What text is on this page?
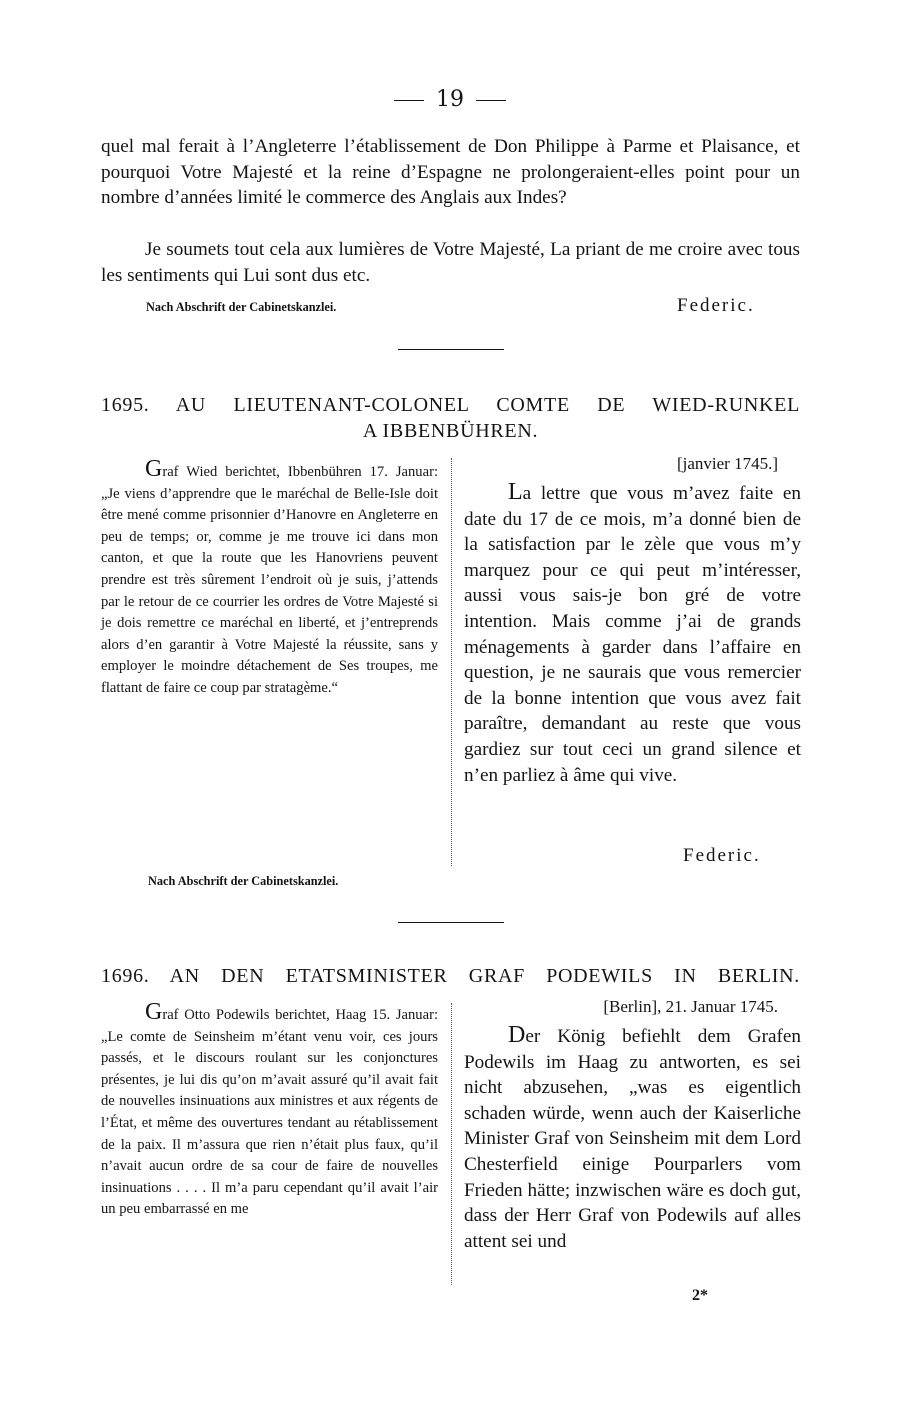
19

quel mal ferait à l’Angleterre l’établissement de Don Philippe à Parme et Plaisance, et pourquoi Votre Majesté et la reine d’Espagne ne prolongeraient-elles point pour un nombre d’années limité le commerce des Anglais aux Indes?

Je soumets tout cela aux lumières de Votre Majesté, La priant de me croire avec tous les sentiments qui Lui sont dus etc.

Nach Abschrift der Cabinetskanzlei.	Federic.

1695. AU LIEUTENANT-COLONEL COMTE DE WIED-RUNKEL

A IBBENBÜHREN.

Graf Wied berichtet, Ibbenbühren 17. Januar: „Je viens d’apprendre que le maréchal de Belle-Isle doit être mené comme prisonnier d’Hanovre en Angleterre en peu de temps; or, comme je me trouve ici dans mon canton, et que la route que les Hanovriens peuvent prendre est très sûrement l’endroit où je suis, j’attends par le retour de ce courrier les ordres de Votre Majesté si je dois remettre ce maréchal en liberté, et j’entreprends alors d’en garantir à Votre Majesté la réussite, sans y employer le moindre détachement de Ses troupes, me flattant de faire ce coup par stratagème.“

[janvier 1745.]

La lettre que vous m’avez faite en date du 17 de ce mois, m’a donné bien de la satisfaction par le zèle que vous m’y marquez pour ce qui peut m’intéresser, aussi vous sais-je bon gré de votre intention. Mais comme j’ai de grands ménagements à garder dans l’affaire en question, je ne saurais que vous remercier de la bonne intention que vous avez fait paraître, demandant au reste que vous gardiez sur tout ceci un grand silence et n’en parliez à âme qui vive.

Federic.
Nach Abschrift der Cabinetskanzlei.

1696. AN DEN ETATSMINISTER GRAF PODEWILS IN BERLIN.

Graf Otto Podewils berichtet, Haag 15. Januar: „Le comte de Seinsheim m’étant venu voir, ces jours passés, et le discours roulant sur les conjonctures présentes, je lui dis qu’on m’avait assuré qu’il avait fait de nouvelles insinuations aux ministres et aux régents de l’État, et même des ouvertures tendant au rétablissement de la paix. Il m’assura que rien n’était plus faux, qu’il n’avait aucun ordre de sa cour de faire de nouvelles insinuations . . . . Il m’a paru cependant qu’il avait l’air un peu embarrassé en me

[Berlin], 21. Januar 1745.

Der König befiehlt dem Grafen Podewils im Haag zu antworten, es sei nicht abzusehen, „was es eigentlich schaden würde, wenn auch der Kaiserliche Minister Graf von Seinsheim mit dem Lord Chesterfield einige Pourparlers vom Frieden hätte; inzwischen wäre es doch gut, dass der Herr Graf von Podewils auf alles attent sei und

2*
